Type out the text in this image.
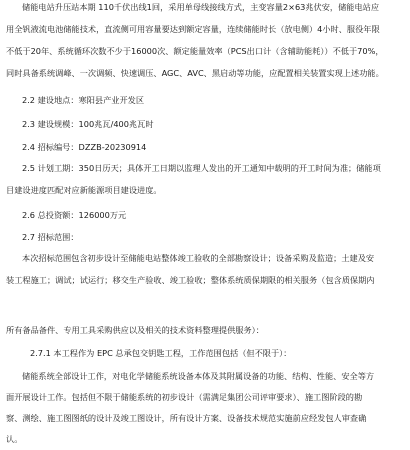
储能电站升压站本期 110千伏出线1回，采用单母线接线方式，主变容量2×63兆伏安，储能电站应
用全钒液流电池储能技术，直流侧可用容量要达到额定容量，连续储能时长（放电侧）4小时、服役年限
不低于20年、系统循环次数不少于16000次、额定能量效率（PCS出口计（含辅助能耗））不低于70%，
同时具备系统调峰、一次调频、快速调压、AGC、AVC、黑启动等功能，应配置相关装置实现上述功能。
2.2 建设地点：寒阳县产业开发区
2.3 建设规模：100兆瓦/400兆瓦时
2.4 招标编号：DZZB-20230914
2.5 计划工期：350日历天；具体开工日期以监理人发出的开工通知中载明的开工时间为准；储能项
目建设进度匹配对应新能源项目建设进度。
2.6 总投资额：126000万元
2.7 招标范围：
本次招标范围包含初步设计至储能电站整体竣工验收的全部勘察设计；设备采购及监造；土建及安
装工程施工；调试；试运行；移交生产验收、竣工验收；整体系统质保期限的相关服务（包含质保期内
所有备品备件、专用工具采购供应以及相关的技术资料整理提供服务）：
2.7.1 本工程作为 EPC 总承包交钥匙工程，工作范围包括（但不限于）：
储能系统全部设计工作，对电化学储能系统设备本体及其附属设备的功能、结构、性能、安全等方
面开展设计工作。包括但不限于储能系统的初步设计（需满足集团公司评审要求）、施工图阶段的勘
察、测绘、施工图图纸的设计及竣工图设计，所有设计方案、设备技术规范实施前应经发包人审查确
认。
